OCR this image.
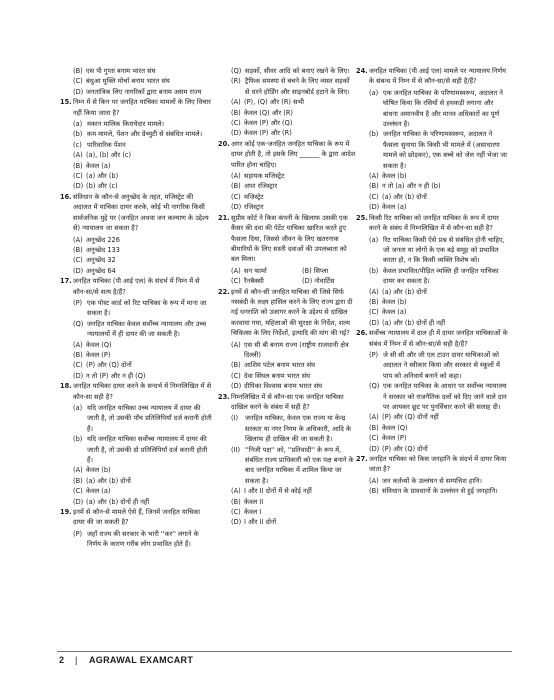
(B) एस पी गुप्ता बनाम भारत संघ
(C) बंधुआ मुक्ति मोर्चा बनाम भारत संघ
(D) जनतांत्रिक लिए नागरिकों द्वारा बनाम असम राज्य
15. निम्न में से किन पर जनहित याचिका मामलों के लिए विचार नहीं किया जाता है?

(a) मकान मालिक किरायेदार मामले।
(b) कम मामले, पेंशन और ग्रेच्युटी से संबंधित मामले।
(c) पारिवारिक पेंशन
(A) (a), (b) और (c)
(B) केवल (a)
(C) (a) और (b)
(D) (b) और (c)
16. संविधान के कौन-से अनुच्छेद के तहत, मजिस्ट्रेट की अदालत में याचिका दायर करके, कोई भी नागरिक किसी सार्वजनिक मुद्दे पर (जनहित अथवा जन कल्याण के उद्देश्य से) न्यायालय जा सकता है?

(A) अनुच्छेद 226
(B) अनुच्छेद 133
(C) अनुच्छेद 32
(D) अनुच्छेद 64
17. जनहित याचिका (पी आई एल) के संदर्भ में निम्न में से कौन-सा/से सत्य है/हैं?

(P) एक पोस्ट कार्ड को रिट याचिका के रूप में माना जा सकता है।
(Q) जनहित याचिका केवल सर्वोच्च न्यायालय और उच्च न्यायालयों में ही दायर की जा सकती है।
(A) केवल (Q)
(B) केवल (P)
(C) (P) और (Q) दोनों
(D) न तो (P) और न ही (Q)
18. जनहित याचिका दायर करने के सन्दर्भ में निम्नलिखित में से कौन-सा सही है?

(a) यदि जनहित याचिका उच्च न्यायालय में दायर की जाती है, तो उसकी पाँच प्रतिलिपियाँ दर्ज करानी होती हैं।
(b) यदि जनहित याचिका सर्वोच्च न्यायालय में दायर की जाती है, तो उसकी दो प्रतिलिपियाँ दर्ज करानी होती हैं।
(A) केवल (b)
(B) (a) और (b) दोनों
(C) केवल (a)
(D) (a) और (b) दोनों ही नहीं
19. इनमें से कौन-से मामले ऐसे हैं, जिनमें जनहित याचिका दायर की जा सकती है?

(P) जहाँ राज्य की सरकार के भारी ''कर'' लगाने के निर्णय के कारण गरीब लोग प्रभावित होते हैं।
(Q) सड़कों, सीवर आदि को बनाए रखने के लिए।
(R) ट्रैफिक समस्या से बचने के लिए व्यस्त सड़कों से धरने होर्डिंग और साइनबोर्ड हटाने के लिए।
(A) (P), (Q) और (R) सभी
(B) केवल (Q) और (R)
(C) केवल (P) और (Q)
(D) केवल (P) और (R)
20. अगर कोई एक-जनहित जनहित याचिका के रूप में दायर होती है, तो इसके लिए ______ के द्वारा आदेश पारित होना चाहिए।

(A) सहायक मजिस्ट्रेट
(B) अपर रजिस्ट्रार
(C) मजिस्ट्रेट
(D) रजिस्ट्रार
21. सुप्रीम कोर्ट ने किस कंपनी के खिलाफ उसकी एक कैंसर की दवा की पेटेंट याचिका खारिज करते हुए फैसला दिया, जिससे जीवन के लिए खतरनाक बीमारियों के लिए सस्ती दवाओं की उपलब्धता को बल मिला।

(A) सन फार्मा	(B) सिप्ला
(C) रैनबैक्सी	(D) नोवार्टिस
22. इनमें से कौन-सी जनहित याचिका थी जिसे सिर्फ नसबंदी के लक्ष्य हासिल करने के लिए राज्य द्वारा दी गई धनराशि को उजागर करने के उद्देश्य से दाखिल करवाया गया, महिलाओं की सुरक्षा के निर्देश, शल्य चिकित्सा के लिए निर्देशों, इत्यादि की मांग की गई?

(A) एस सी बी बनाम राज्य (राष्ट्रीय राजधानी क्षेत्र दिल्ली)
(B) आशिम पटेल बनाम भारत संघ
(C) देवा सिंघल बनाम भारत संघ
(D) दीपिका विश्वास बनाम भारत संघ
23. निम्नलिखित में से कौन-सा एक जनहित याचिका दाखिल करने के संबंध में सही है?

(I) जनहित याचिका, केवल एक राज्य या केन्द्र सरकार या नगर निगम के अधिकारी, आदि के खिलाफ ही दाखिल की जा सकती है।
(II) ''निजी पक्ष'' को, ''प्रतिवादी'' के रूप में, संबंधित राज्य प्राधिकारी को एक पक्ष बनाने के बाद जनहित याचिका में शामिल किया जा सकता है।
(A) I और II दोनों में से कोई नहीं
(B) केवल II
(C) केवल I
(D) I और II दोनों
24. जनहित याचिका (पी आई एल) मामले पर न्यायालय निर्णय के संबन्ध में निम्न में से कौन-सा/से सही है/हैं?

(a) एक जनहित याचिका के परिणामस्वरूप, अदालत ने घोषित किया कि रसियों से हथकड़ी लगाना और बांधना अमानवीय है और मानव अधिकारों का पूर्ण उल्लंघन है।
(b) जनहित याचिका के परिणामस्वरूप, अदालत ने फैसला सुनाया कि किसी भी मामले में (असाधारण मामले को छोड़कर), एक बच्चे को जेल नहीं भेजा जा सकता है।
(A) केवल (b)
(B) न तो (a) और न ही (b)
(C) (a) और (b) दोनों
(D) केवल (a)
25. किसी रिट याचिका को जनहित याचिका के रूप में दायर करने के संबंध में निम्नलिखित में से कौन-सा सही है?

(a) रिट याचिका किसी ऐसे प्रश्न से संबंधित होनी चाहिए, जो जनता या लोगों के एक बड़े समूह को प्रभावित करता हो, न कि किसी व्यक्ति विशेष को।
(b) केवल प्रभावित/पीड़ित व्यक्ति ही जनहित याचिका दायर कर सकता है।
(A) (a) और (b) दोनों
(B) केवल (b)
(C) केवल (a)
(D) (a) और (b) दोनों ही नहीं
26. सर्वोच्च न्यायालय में दाल ही में दायर जनहित याचिकाओं के संबंध में निम्न में से कौन-सा/से सही है/हैं?

(P) जे सी सी और जी एल टाउन दायर याचिकाओं को अदालत ने स्वीकार किया और सरकार से स्कूलों में पाप को अनिवार्य बनाने को कहा।
(Q) एक जनहित याचिका के आधार पर सर्वोच्च न्यायालय ने सरकार को राजनैतिक दलों को दिए जाने वाले दान पर आयकर छूट पर पुनर्विचार करने की सलाह दी।
(A) (P) और (Q) दोनों नहीं
(B) केवल (Q)
(C) केवल (P)
(D) (P) और (Q) दोनों
27. जनहित याचिका को किस जनहानि के संदर्भ में दायर किया जाता है?

(A) जन कर्तव्यों के उल्लंघन से सम्पत्तिश हानि।
(B) संविधान के प्रावधानों के उल्लंघन से हुई जनहानि।
2 | AGRAWAL EXAMCART
